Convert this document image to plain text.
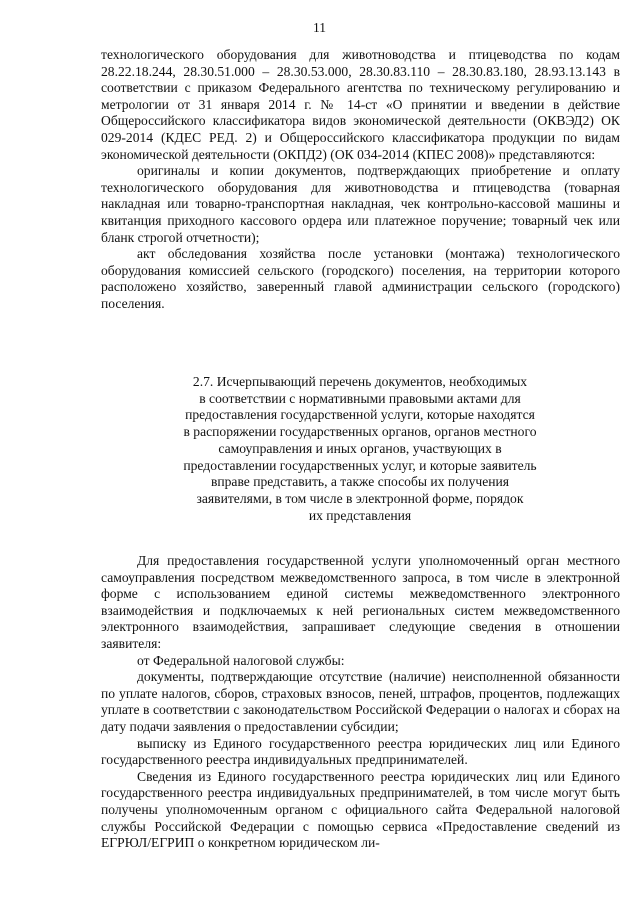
11

технологического оборудования для животноводства и птицеводства по кодам 28.22.18.244, 28.30.51.000 – 28.30.53.000, 28.30.83.110 – 28.30.83.180, 28.93.13.143 в соответствии с приказом Федерального агентства по техническому регулированию и метрологии от 31 января 2014 г. № 14-ст «О принятии и введении в действие Общероссийского классификатора видов экономической деятельности (ОКВЭД2) ОК 029-2014 (КДЕС РЕД. 2) и Общероссийского классификатора продукции по видам экономической деятельности (ОКПД2) (ОК 034-2014 (КПЕС 2008)» представляются:

оригиналы и копии документов, подтверждающих приобретение и оплату технологического оборудования для животноводства и птицеводства (товарная накладная или товарно-транспортная накладная, чек контрольно-кассовой машины и квитанция приходного кассового ордера или платежное поручение; товарный чек или бланк строгой отчетности);

акт обследования хозяйства после установки (монтажа) технологического оборудования комиссией сельского (городского) поселения, на территории которого расположено хозяйство, заверенный главой администрации сельского (городского) поселения.

2.7. Исчерпывающий перечень документов, необходимых
в соответствии с нормативными правовыми актами для
предоставления государственной услуги, которые находятся
в распоряжении государственных органов, органов местного
самоуправления и иных органов, участвующих в
предоставлении государственных услуг, и которые заявитель
вправе представить, а также способы их получения
заявителями, в том числе в электронной форме, порядок
их представления

Для предоставления государственной услуги уполномоченный орган местного самоуправления посредством межведомственного запроса, в том числе в электронной форме с использованием единой системы межведомственного электронного взаимодействия и подключаемых к ней региональных систем межведомственного электронного взаимодействия, запрашивает следующие сведения в отношении заявителя:

от Федеральной налоговой службы:

документы, подтверждающие отсутствие (наличие) неисполненной обязанности по уплате налогов, сборов, страховых взносов, пеней, штрафов, процентов, подлежащих уплате в соответствии с законодательством Российской Федерации о налогах и сборах на дату подачи заявления о предоставлении субсидии;

выписку из Единого государственного реестра юридических лиц или Единого государственного реестра индивидуальных предпринимателей.

Сведения из Единого государственного реестра юридических лиц или Единого государственного реестра индивидуальных предпринимателей, в том числе могут быть получены уполномоченным органом с официального сайта Федеральной налоговой службы Российской Федерации с помощью сервиса «Предоставление сведений из ЕГРЮЛ/ЕГРИП о конкретном юридическом ли-
